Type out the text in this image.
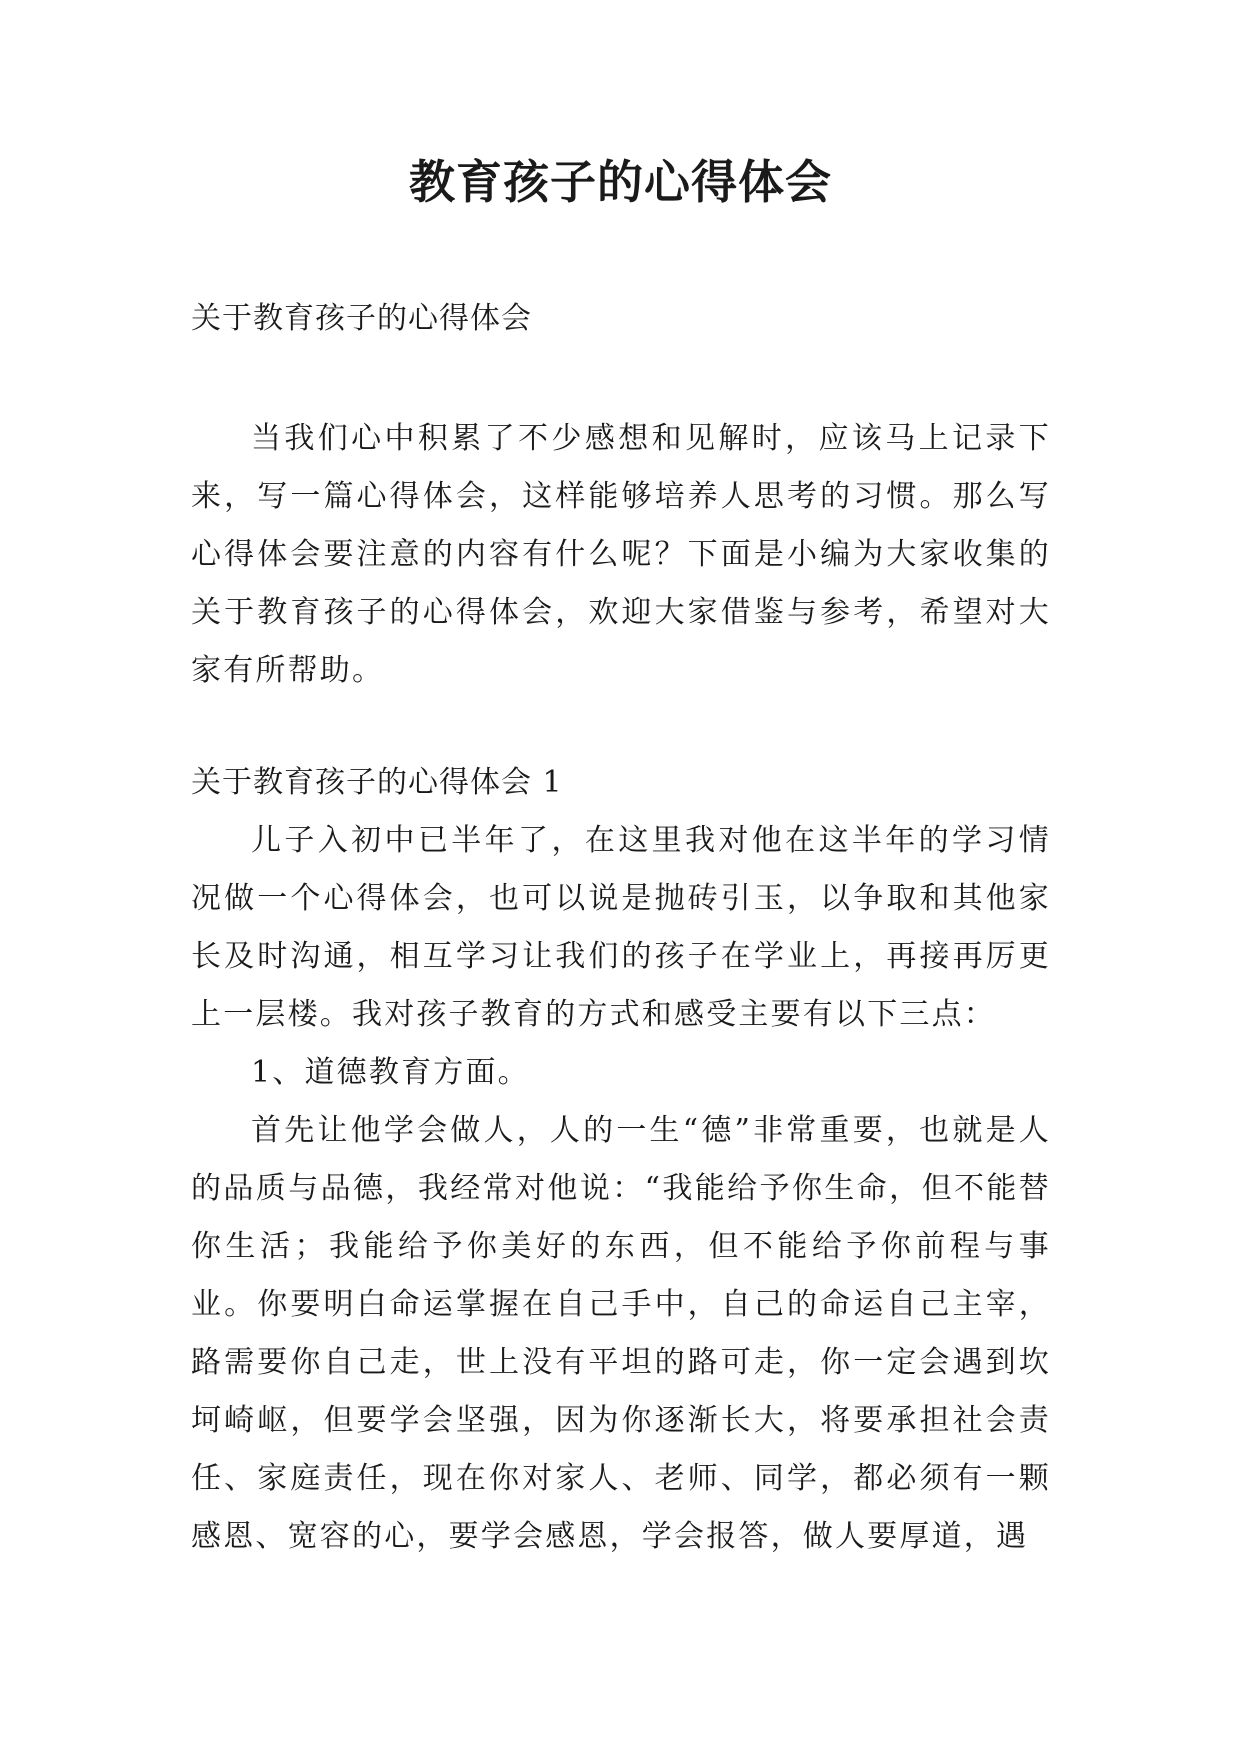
教育孩子的心得体会

关于教育孩子的心得体会

当我们心中积累了不少感想和见解时，应该马上记录下来，写一篇心得体会，这样能够培养人思考的习惯。那么写心得体会要注意的内容有什么呢？下面是小编为大家收集的关于教育孩子的心得体会，欢迎大家借鉴与参考，希望对大家有所帮助。

关于教育孩子的心得体会 1

儿子入初中已半年了，在这里我对他在这半年的学习情况做一个心得体会，也可以说是抛砖引玉，以争取和其他家长及时沟通，相互学习让我们的孩子在学业上，再接再厉更上一层楼。我对孩子教育的方式和感受主要有以下三点：

1、道德教育方面。

首先让他学会做人，人的一生“德”非常重要，也就是人的品质与品德，我经常对他说：“我能给予你生命，但不能替你生活；我能给予你美好的东西，但不能给予你前程与事业。你要明白命运掌握在自己手中，自己的命运自己主宰，路需要你自己走，世上没有平坦的路可走，你一定会遇到坎坷崎岖，但要学会坚强，因为你逐渐长大，将要承担社会责任、家庭责任，现在你对家人、老师、同学，都必须有一颗感恩、宽容的心，要学会感恩，学会报答，做人要厚道，遇
